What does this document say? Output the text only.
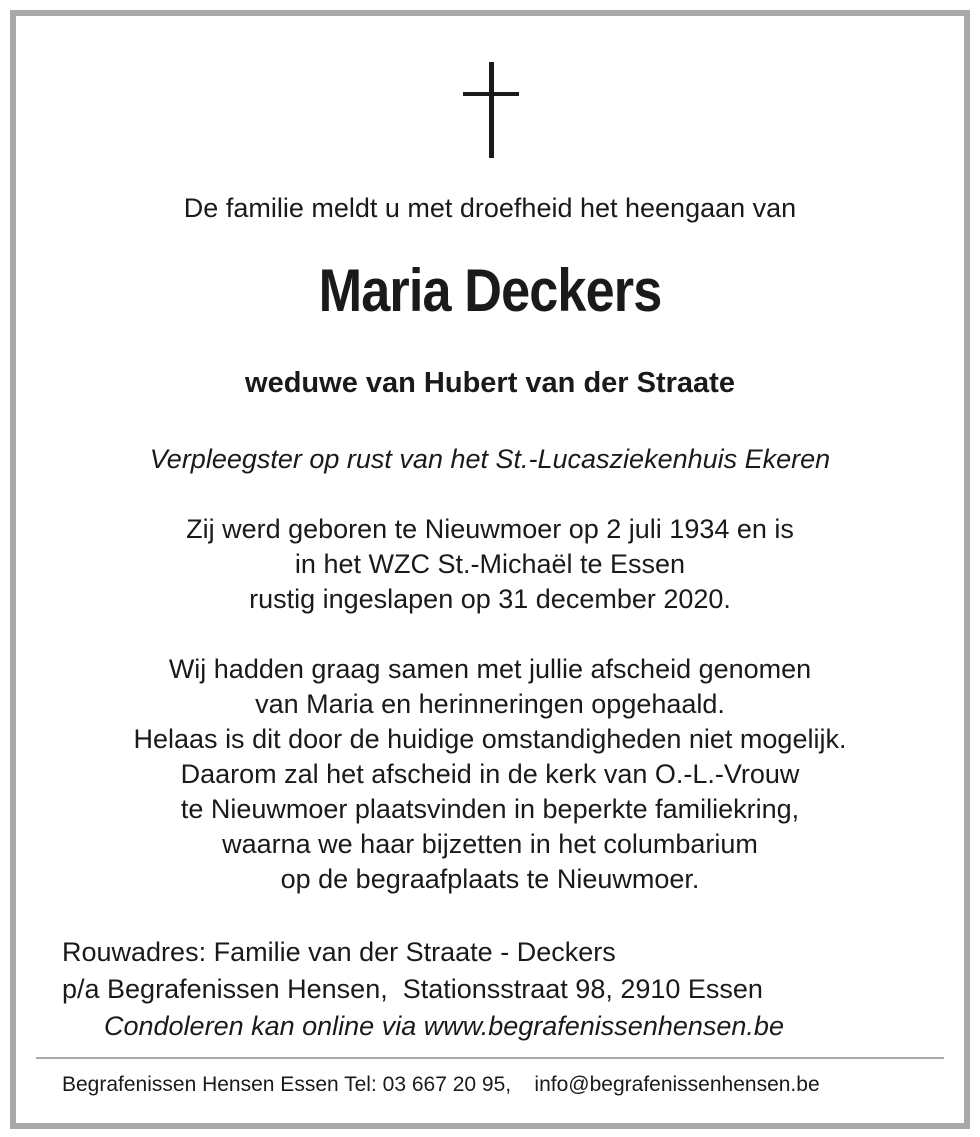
De familie meldt u met droefheid het heengaan van
Maria Deckers
weduwe van Hubert van der Straate
Verpleegster op rust van het St.-Lucasziekenhuis Ekeren
Zij werd geboren te Nieuwmoer op 2 juli 1934 en is
in het WZC St.-Michaël te Essen
rustig ingeslapen op 31 december 2020.
Wij hadden graag samen met jullie afscheid genomen
van Maria en herinneringen opgehaald.
Helaas is dit door de huidige omstandigheden niet mogelijk.
Daarom zal het afscheid in de kerk van O.-L.-Vrouw
te Nieuwmoer plaatsvinden in beperkte familiekring,
waarna we haar bijzetten in het columbarium
op de begraafplaats te Nieuwmoer.
Rouwadres: Familie van der Straate - Deckers
p/a Begrafenissen Hensen,  Stationsstraat 98, 2910 Essen
Condoleren kan online via www.begrafenissenhensen.be
Begrafenissen Hensen Essen Tel: 03 667 20 95,    info@begrafenissenhensen.be
